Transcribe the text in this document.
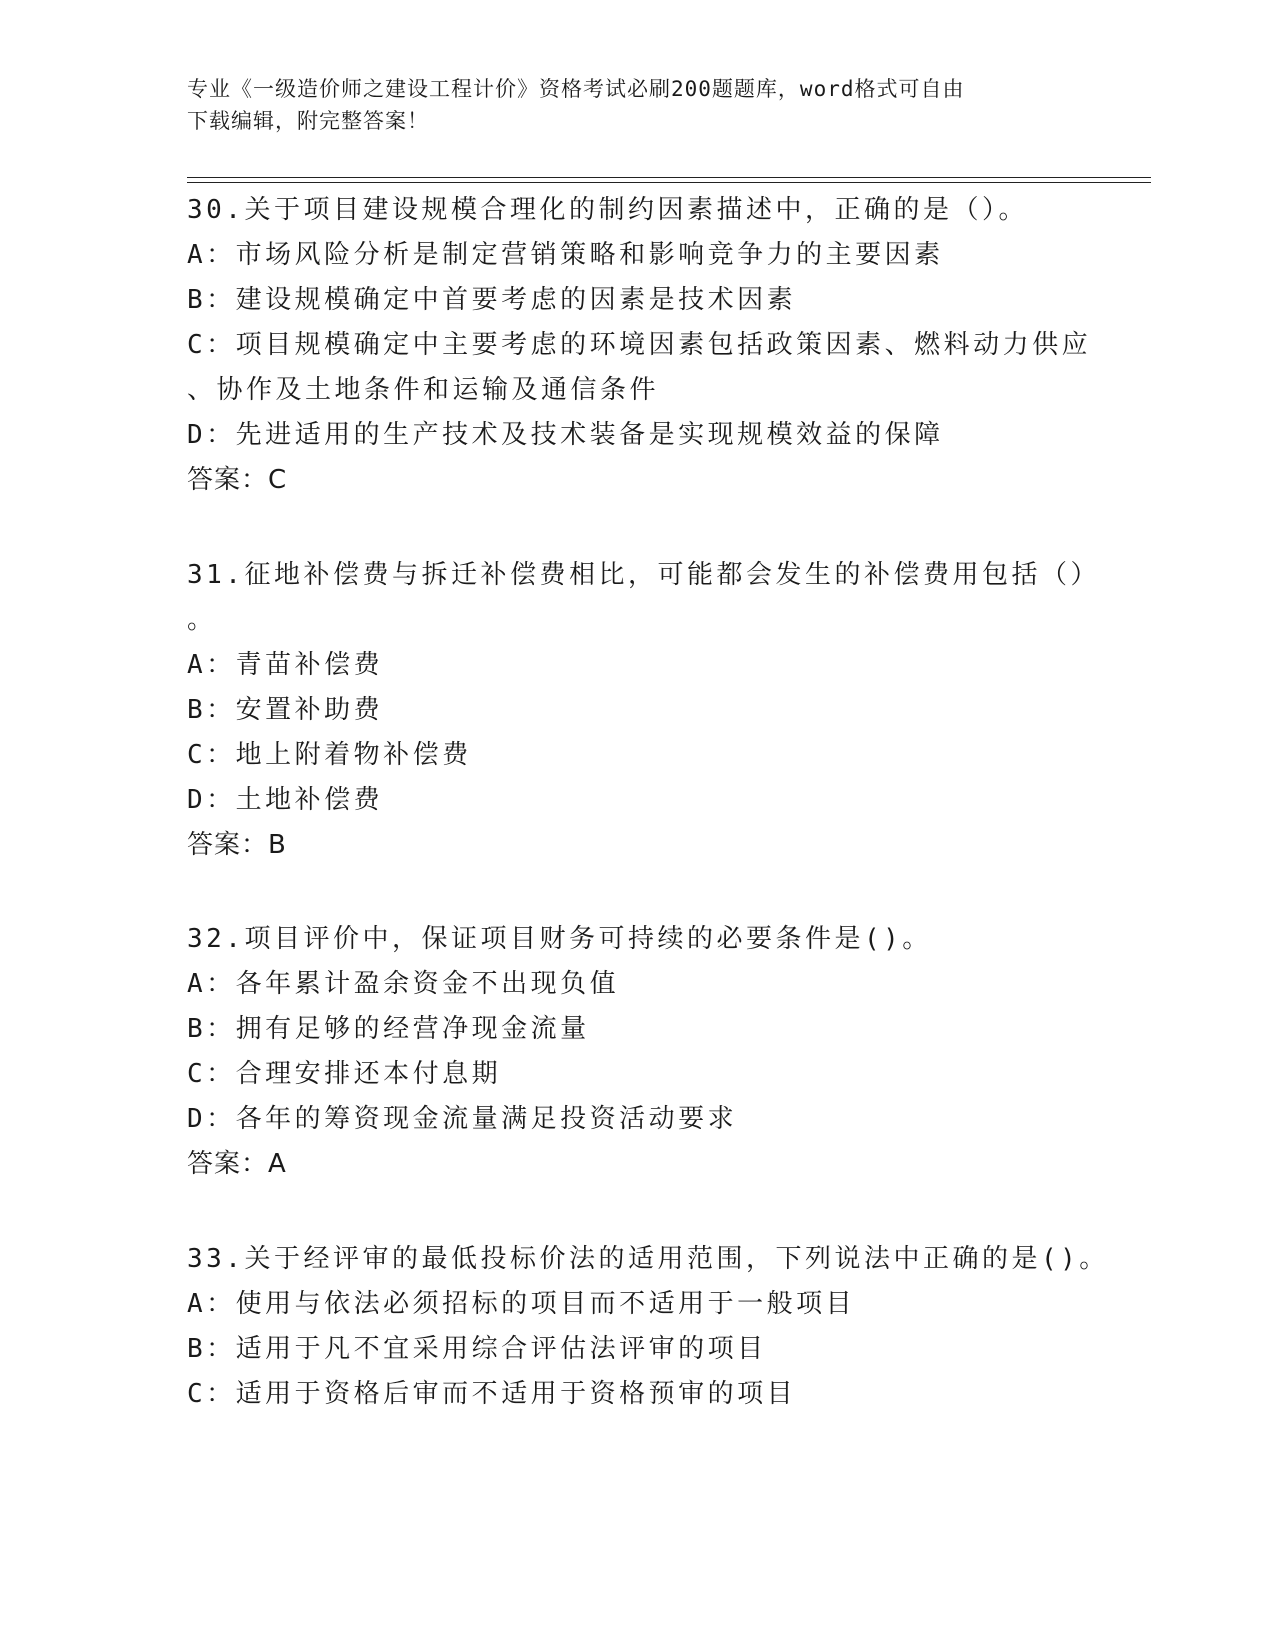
专业《一级造价师之建设工程计价》资格考试必刷200题题库，word格式可自由
下载编辑，附完整答案！
30.关于项目建设规模合理化的制约因素描述中，正确的是（）。
A：市场风险分析是制定营销策略和影响竞争力的主要因素
B：建设规模确定中首要考虑的因素是技术因素
C：项目规模确定中主要考虑的环境因素包括政策因素、燃料动力供应
、协作及土地条件和运输及通信条件
D：先进适用的生产技术及技术装备是实现规模效益的保障
答案：C
31.征地补偿费与拆迁补偿费相比，可能都会发生的补偿费用包括（）
。
A：青苗补偿费
B：安置补助费
C：地上附着物补偿费
D：土地补偿费
答案：B
32.项目评价中，保证项目财务可持续的必要条件是()。
A：各年累计盈余资金不出现负值
B：拥有足够的经营净现金流量
C：合理安排还本付息期
D：各年的筹资现金流量满足投资活动要求
答案：A
33.关于经评审的最低投标价法的适用范围，下列说法中正确的是()。
A：使用与依法必须招标的项目而不适用于一般项目
B：适用于凡不宜采用综合评估法评审的项目
C：适用于资格后审而不适用于资格预审的项目
